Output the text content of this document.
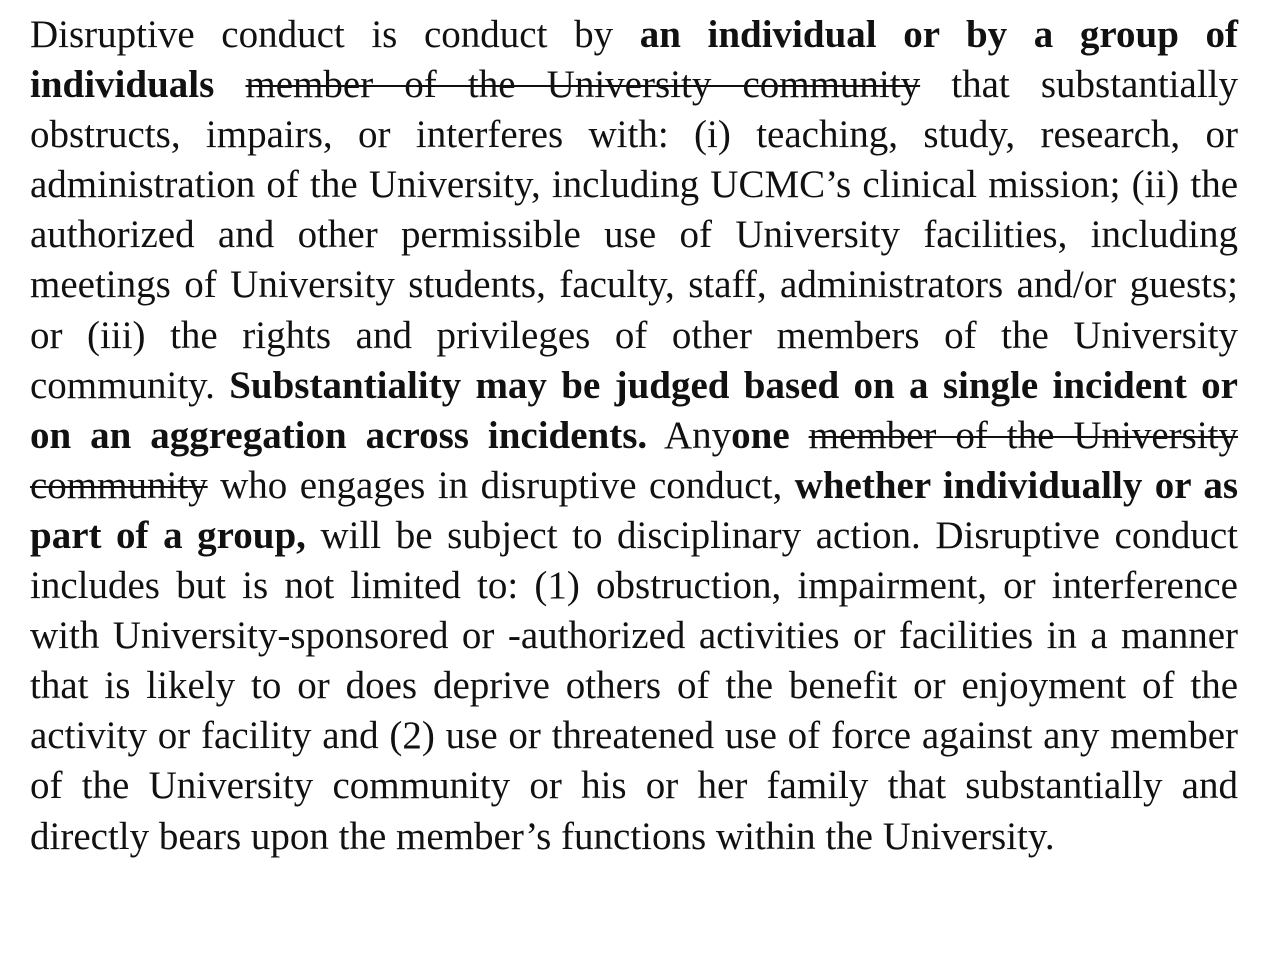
Disruptive conduct is conduct by an individual or by a group of individuals member of the University community that substantially obstructs, impairs, or interferes with: (i) teaching, study, research, or administration of the University, including UCMC’s clinical mission; (ii) the authorized and other permissible use of University facilities, including meetings of University students, faculty, staff, administrators and/or guests; or (iii) the rights and privileges of other members of the University community. Substantiality may be judged based on a single incident or on an aggregation across incidents. Anyone member of the University community who engages in disruptive conduct, whether individually or as part of a group, will be subject to disciplinary action. Disruptive conduct includes but is not limited to: (1) obstruction, impairment, or interference with University-sponsored or -authorized activities or facilities in a manner that is likely to or does deprive others of the benefit or enjoyment of the activity or facility and (2) use or threatened use of force against any member of the University community or his or her family that substantially and directly bears upon the member’s functions within the University.
